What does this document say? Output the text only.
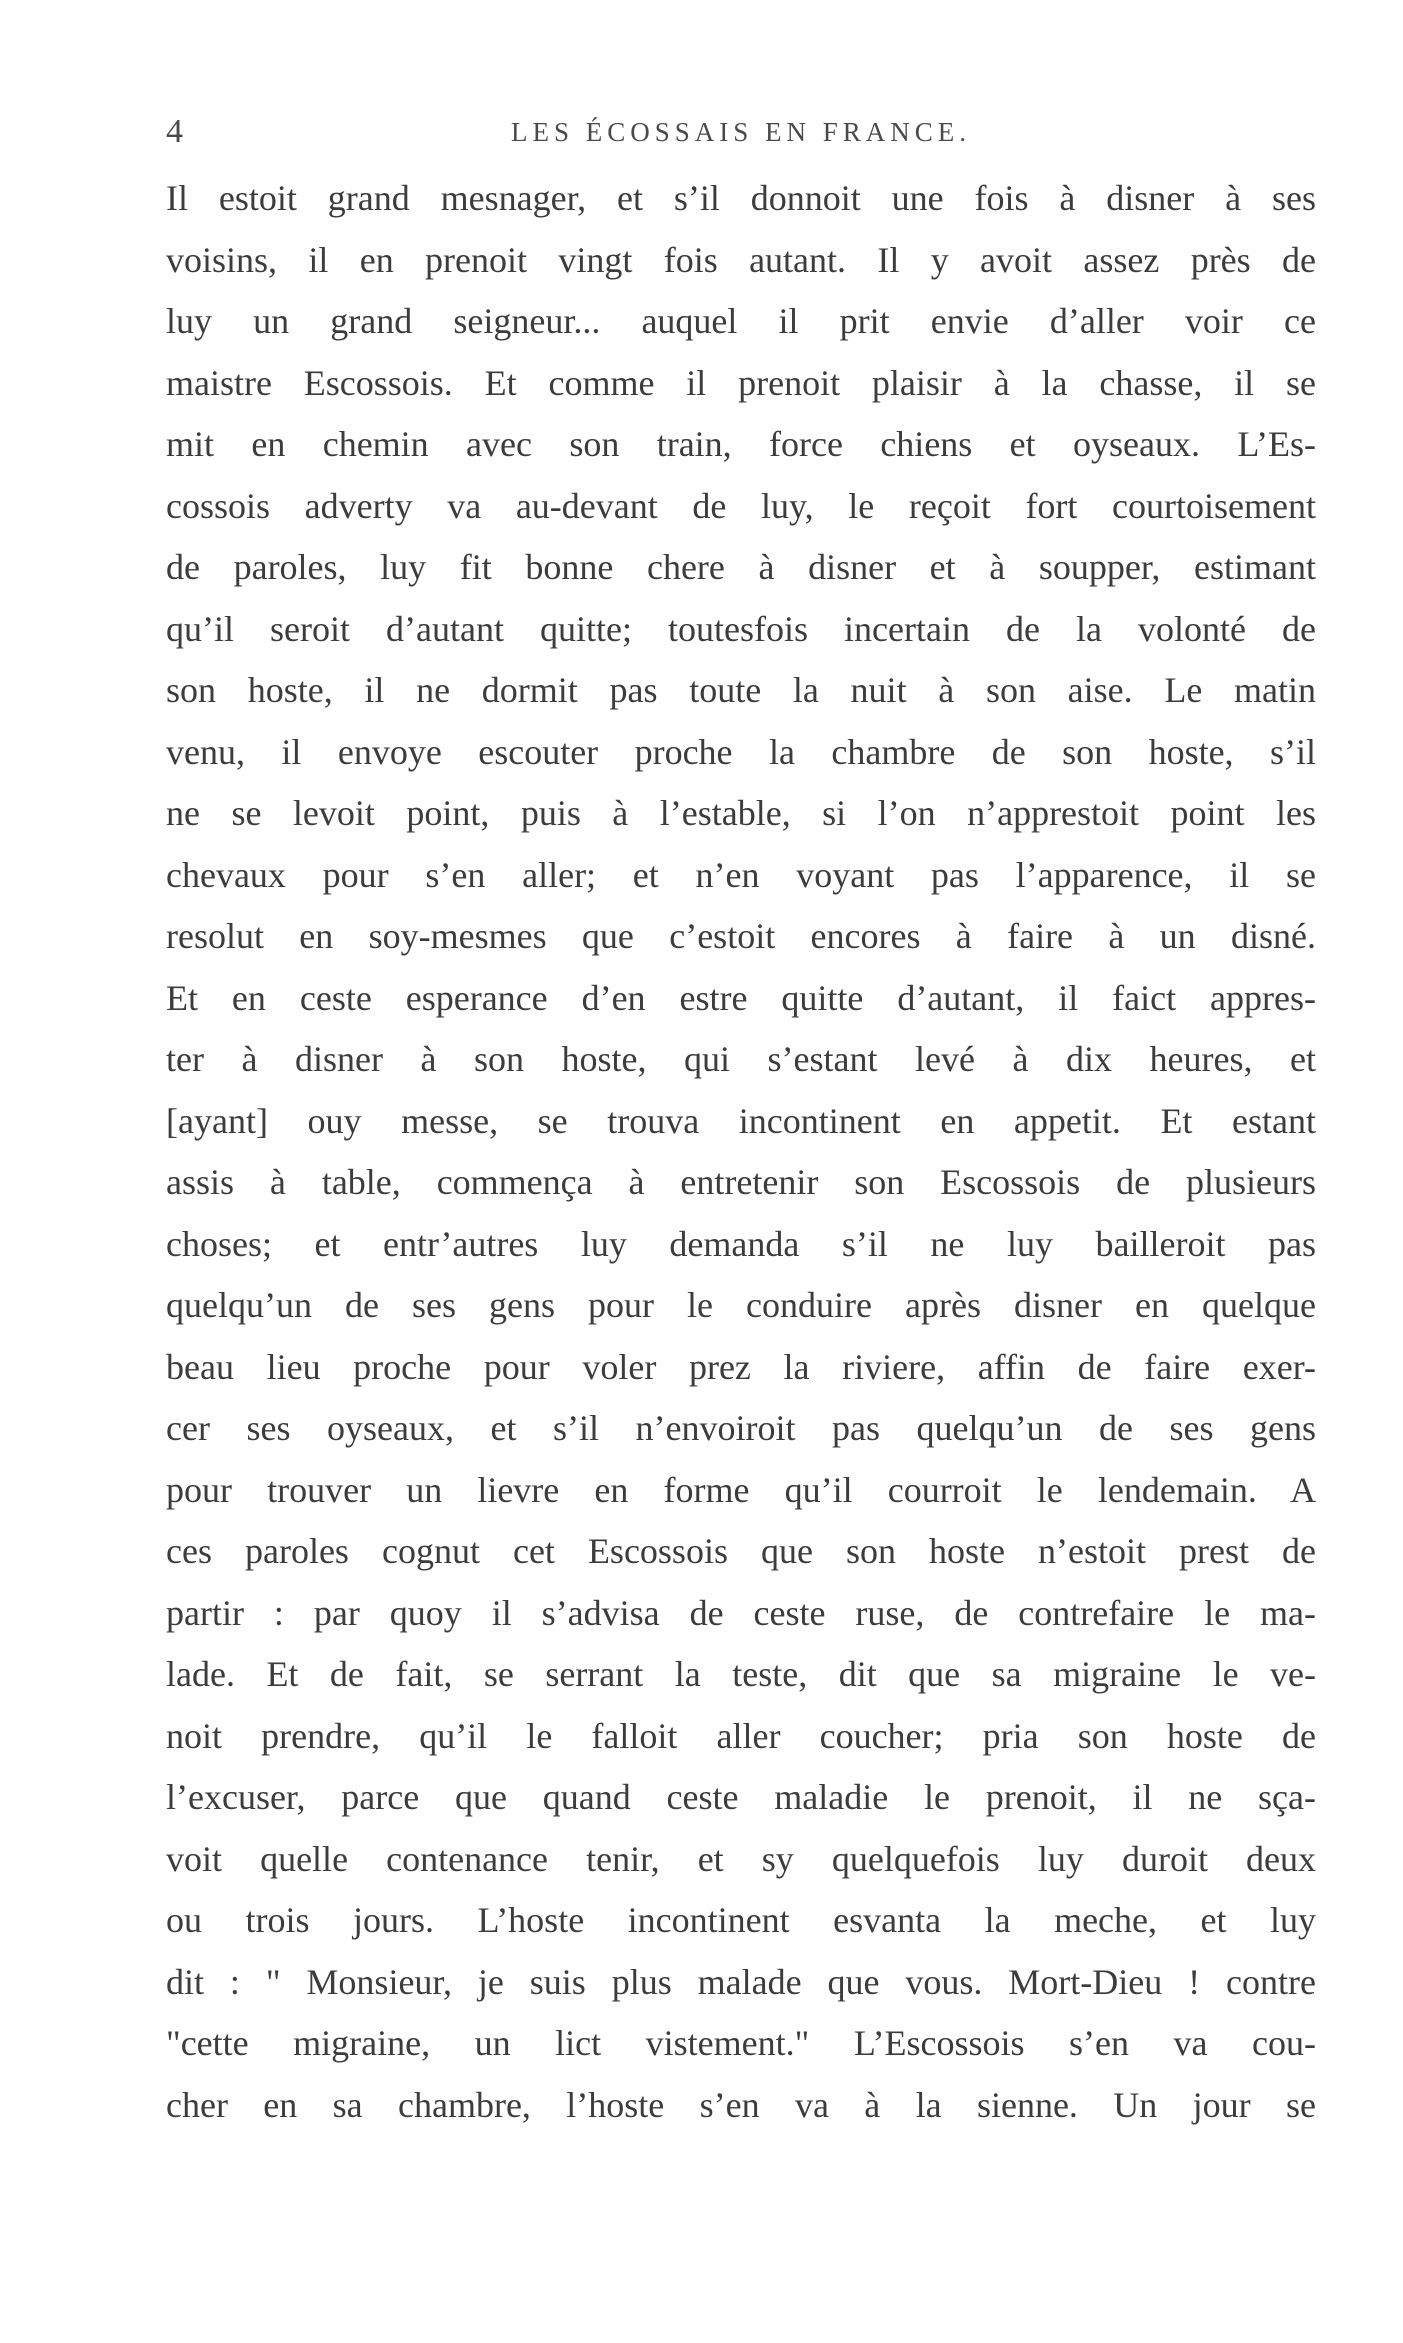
4	LES ÉCOSSAIS EN FRANCE.
Il estoit grand mesnager, et s’il donnoit une fois à disner à ses
voisins, il en prenoit vingt fois autant. Il y avoit assez près de
luy un grand seigneur... auquel il prit envie d’aller voir ce
maistre Escossois. Et comme il prenoit plaisir à la chasse, il se
mit en chemin avec son train, force chiens et oyseaux. L’Es-
cossois adverty va au-devant de luy, le reçoit fort courtoisement
de paroles, luy fit bonne chere à disner et à soupper, estimant
qu’il seroit d’autant quitte; toutesfois incertain de la volonté de
son hoste, il ne dormit pas toute la nuit à son aise. Le matin
venu, il envoye escouter proche la chambre de son hoste, s’il
ne se levoit point, puis à l’estable, si l’on n’apprestoit point les
chevaux pour s’en aller; et n’en voyant pas l’apparence, il se
resolut en soy-mesmes que c’estoit encores à faire à un disné.
Et en ceste esperance d’en estre quitte d’autant, il faict appres-
ter à disner à son hoste, qui s’estant levé à dix heures, et
[ayant] ouy messe, se trouva incontinent en appetit. Et estant
assis à table, commença à entretenir son Escossois de plusieurs
choses; et entr’autres luy demanda s’il ne luy bailleroit pas
quelqu’un de ses gens pour le conduire après disner en quelque
beau lieu proche pour voler prez la riviere, affin de faire exer-
cer ses oyseaux, et s’il n’envoiroit pas quelqu’un de ses gens
pour trouver un lievre en forme qu’il courroit le lendemain. A
ces paroles cognut cet Escossois que son hoste n’estoit prest de
partir : par quoy il s’advisa de ceste ruse, de contrefaire le ma-
lade. Et de fait, se serrant la teste, dit que sa migraine le ve-
noit prendre, qu’il le falloit aller coucher; pria son hoste de
l’excuser, parce que quand ceste maladie le prenoit, il ne sça-
voit quelle contenance tenir, et sy quelquefois luy duroit deux
ou trois jours. L’hoste incontinent esvanta la meche, et luy
dit : " Monsieur, je suis plus malade que vous. Mort-Dieu ! contre
"cette migraine, un lict vistement." L’Escossois s’en va cou-
cher en sa chambre, l’hoste s’en va à la sienne. Un jour se
